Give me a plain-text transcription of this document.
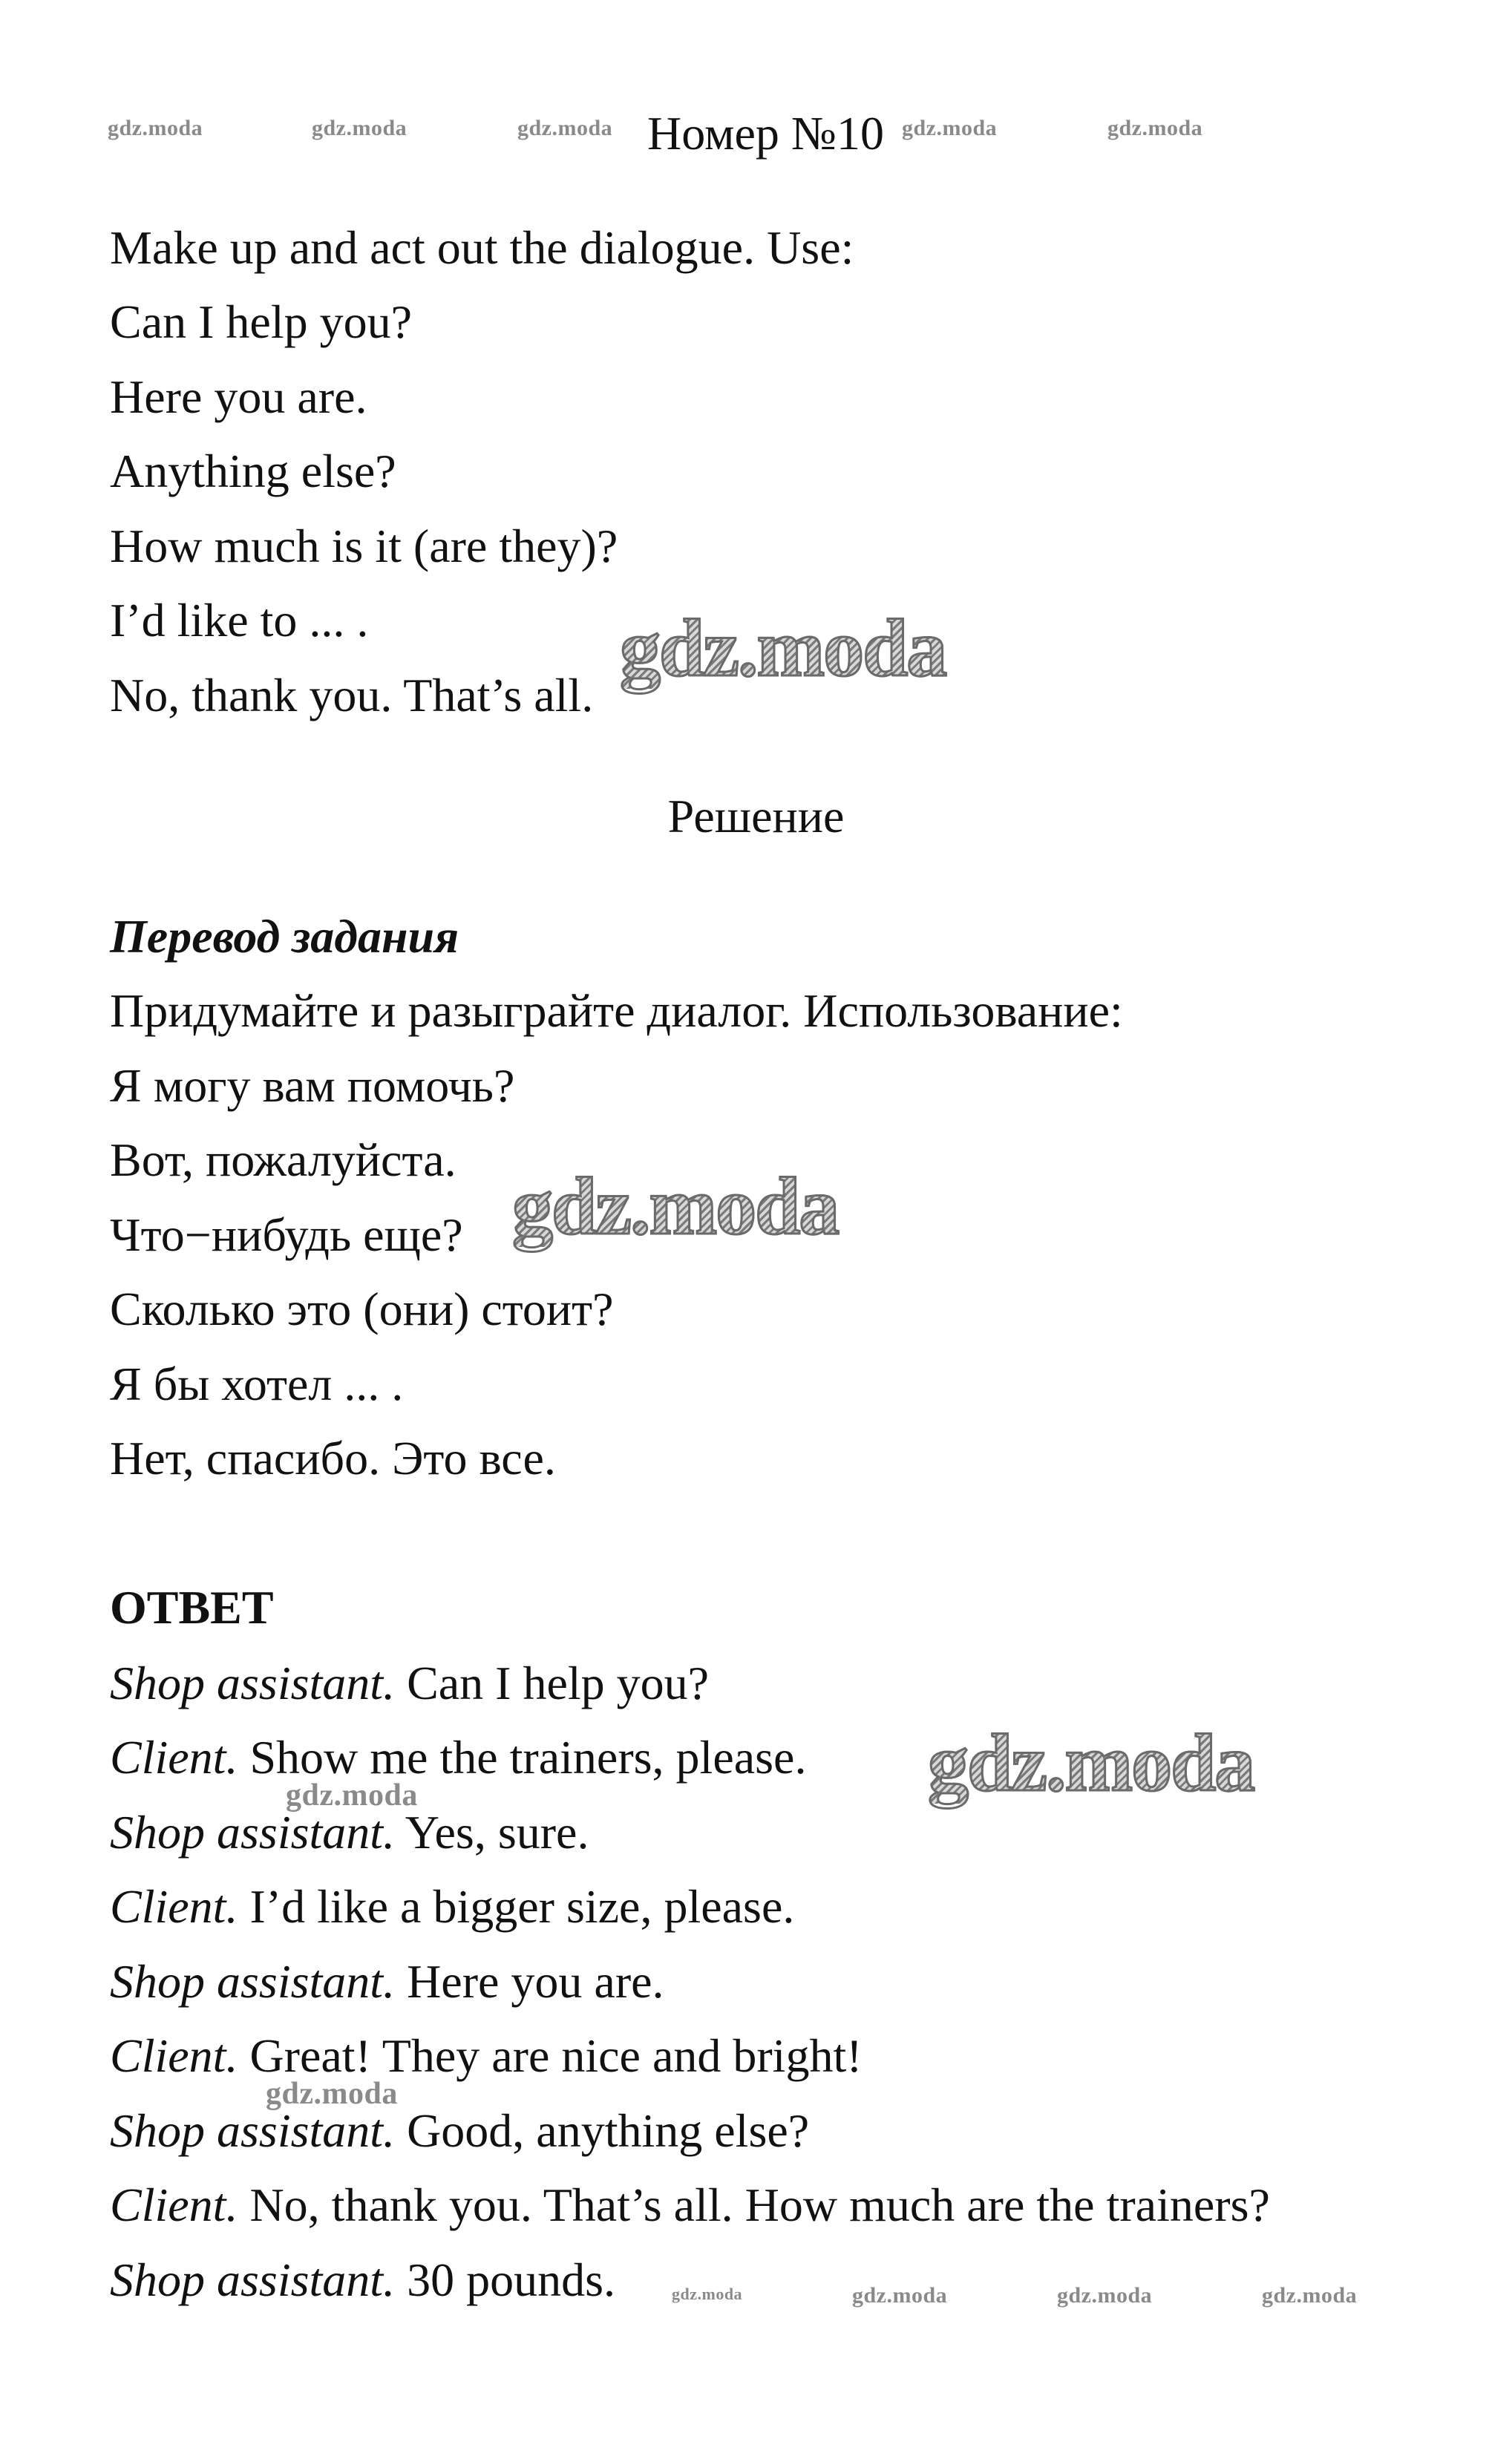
gdz.moda	gdz.moda	gdz.moda	gdz.moda	gdz.moda
Номер №10
Make up and act out the dialogue. Use:
Can I help you?
Here you are.
Anything else?
How much is it (are they)?
I’d like to ... .
No, thank you. That’s all.
gdz.moda
Решение
Перевод задания
Придумайте и разыграйте диалог. Использование:
Я могу вам помочь?
Вот, пожалуйста.
Что−нибудь еще?
Сколько это (они) стоит?
Я бы хотел ... .
Нет, спасибо. Это все.
gdz.moda
ОТВЕТ
Shop assistant. Can I help you?
Client. Show me the trainers, please.
Shop assistant. Yes, sure.
Client. I’d like a bigger size, please.
Shop assistant. Here you are.
Client. Great! They are nice and bright!
Shop assistant. Good, anything else?
Client. No, thank you. That’s all. How much are the trainers?
Shop assistant. 30 pounds.
gdz.moda
gdz.moda
gdz.moda
gdz.moda	gdz.moda	gdz.moda	gdz.moda
